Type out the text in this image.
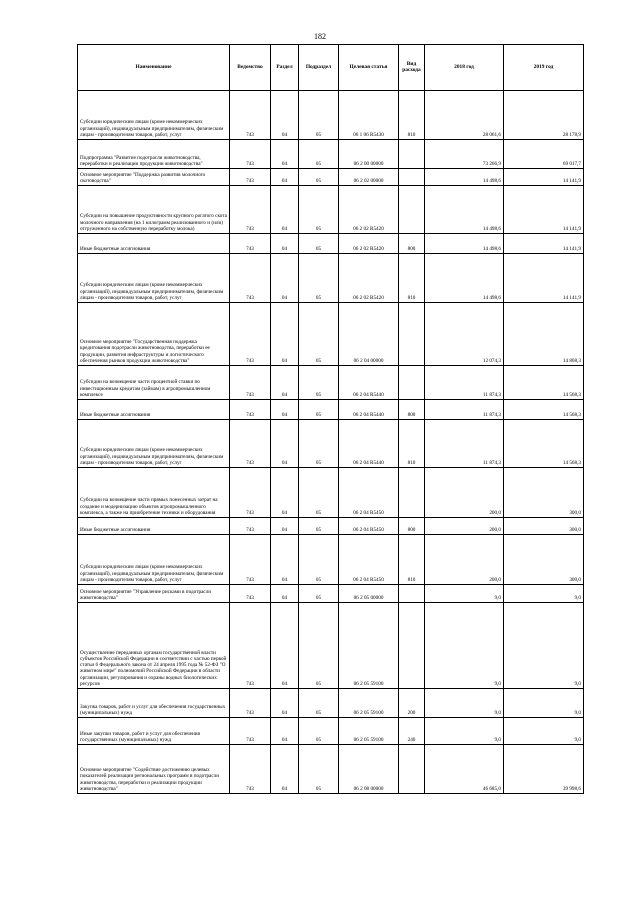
182
Наименование	Ведомство	Раздел	Подраздел	Целевая статья	Вид расхода	2018 год	2019 год
Субсидии юридическим лицам (кроме некоммерческих организаций), индивидуальным предпринимателям, физическим лицам - производителям товаров, работ, услуг	743	04	05	06 1 06 R5430	810	28 061,6	28 178,9
Подпрограмма "Развитие подотрасли животноводства, переработки и реализации продукции животноводства"	743	04	05	06 2 00 00000		73 266,9	69 017,7
Основное мероприятие "Поддержка развития молочного скотоводства"	743	04	05	06 2 02 00000		14 498,6	14 141,9
Субсидии на повышение продуктивности крупного рогатого скота молочного направления (на 1 килограмм реализованного и (или) отгруженного на собственную переработку молока)	743	04	05	06 2 02 R5420		14 498,6	14 141,9
Иные бюджетные ассигнования	743	04	05	06 2 02 R5420	800	14 498,6	14 141,9
Субсидии юридическим лицам (кроме некоммерческих организаций), индивидуальным предпринимателям, физическим лицам - производителям товаров, работ, услуг	743	04	05	06 2 02 R5420	810	14 498,6	14 141,9
Основное мероприятие "Государственная поддержка кредитования подотрасли животноводства, переработки ее продукции, развития инфраструктуры и логистического обеспечения рынков продукции животноводства"	743	04	05	06 2 04 00000		12 074,3	14 868,3
Субсидии на возмещение части процентной ставки по инвестиционным кредитам (займам) в агропромышленном комплексе	743	04	05	06 2 04 R5440		11 874,3	14 568,3
Иные бюджетные ассигнования	743	04	05	06 2 04 R5440	800	11 874,3	14 568,3
Субсидии юридическим лицам (кроме некоммерческих организаций), индивидуальным предпринимателям, физическим лицам - производителям товаров, работ, услуг	743	04	05	06 2 04 R5440	810	11 874,3	14 568,3
Субсидии на возмещение части прямых понесенных затрат на создание и модернизацию объектов агропромышленного комплекса, а также на приобретение техники и оборудования	743	04	05	06 2 04 R5450		200,0	300,0
Иные бюджетные ассигнования	743	04	05	06 2 04 R5450	800	200,0	300,0
Субсидии юридическим лицам (кроме некоммерческих организаций), индивидуальным предпринимателям, физическим лицам - производителям товаров, работ, услуг	743	04	05	06 2 04 R5450	810	200,0	300,0
Основное мероприятие "Управление рисками в подотрасли животноводства"	743	04	05	06 2 05 00000		9,0	9,0
Осуществление переданных органам государственной власти субъектов Российской Федерации в соответствии с частью первой статьи 6 Федерального закона от 24 апреля 1995 года № 52-ФЗ "О животном мире" полномочий Российской Федерации в области организации, регулирования и охраны водных биологических ресурсов	743	04	05	06 2 05 59100		9,0	9,0
Закупка товаров, работ и услуг для обеспечения государственных (муниципальных) нужд	743	04	05	06 2 05 59100	200	9,0	9,0
Иные закупки товаров, работ и услуг для обеспечения государственных (муниципальных) нужд	743	04	05	06 2 05 59100	240	9,0	9,0
Основное мероприятие "Содействие достижению целевых показателей реализации региональных программ в подотрасли животноводства, переработки и реализации продукции животноводства"	743	04	05	06 2 08 00000		46 685,0	39 998,6
